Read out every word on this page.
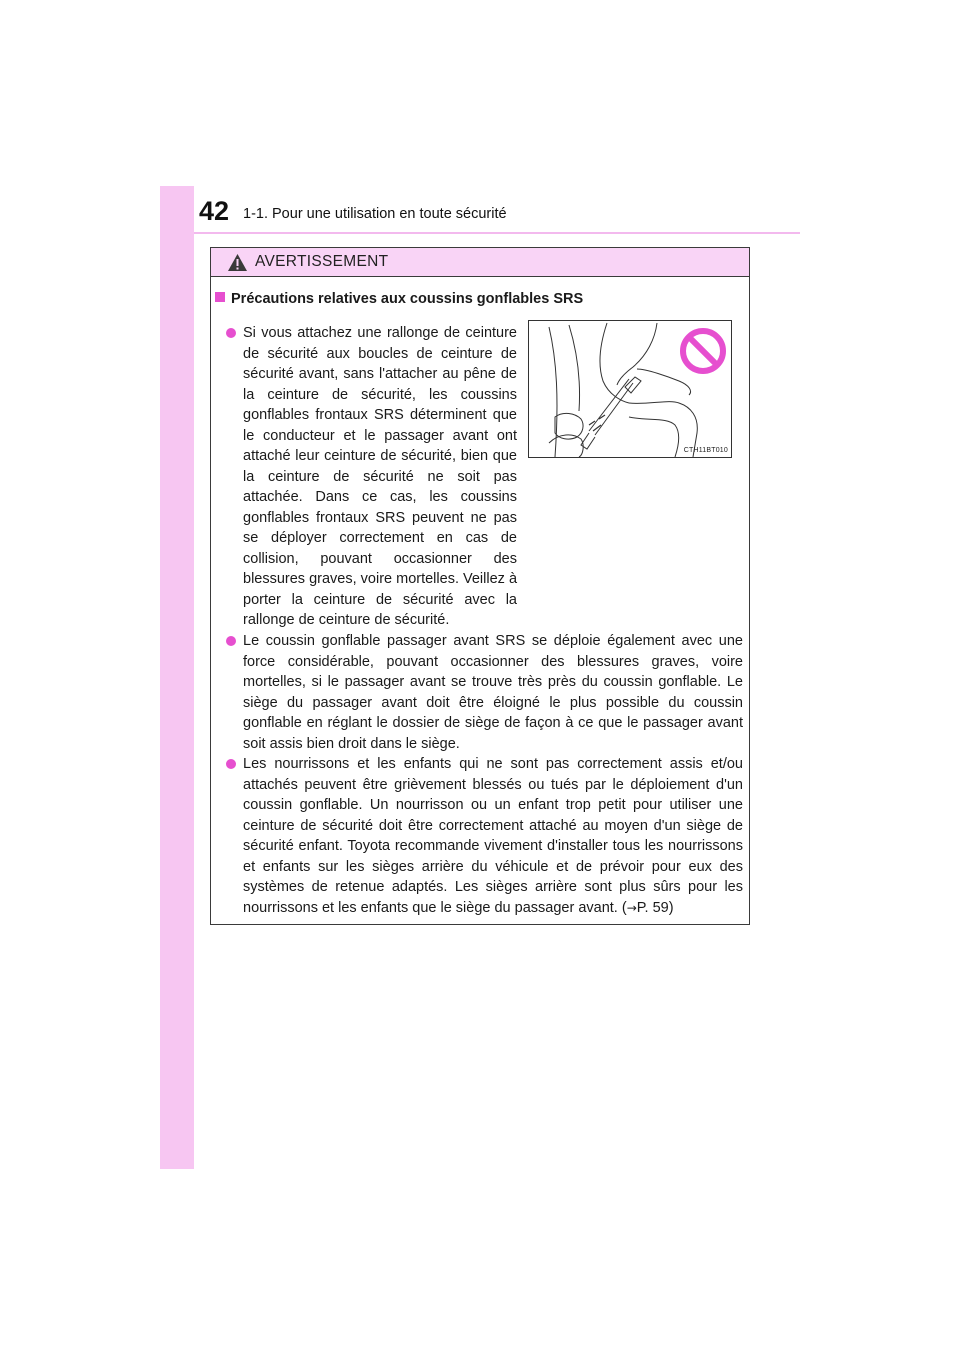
42 1-1. Pour une utilisation en toute sécurité
AVERTISSEMENT
Précautions relatives aux coussins gonflables SRS
Si vous attachez une rallonge de ceinture de sécurité aux boucles de ceinture de sécurité avant, sans l'attacher au pêne de la ceinture de sécurité, les coussins gonflables frontaux SRS déterminent que le conducteur et le passager avant ont attaché leur ceinture de sécurité, bien que la ceinture de sécurité ne soit pas attachée. Dans ce cas, les coussins gonflables frontaux SRS peuvent ne pas se déployer correctement en cas de collision, pouvant occasionner des blessures graves, voire mortelles. Veillez à porter la ceinture de sécurité avec la rallonge de ceinture de sécurité.
CTH11BT010
Le coussin gonflable passager avant SRS se déploie également avec une force considérable, pouvant occasionner des blessures graves, voire mortelles, si le passager avant se trouve très près du coussin gonflable. Le siège du passager avant doit être éloigné le plus possible du coussin gonflable en réglant le dossier de siège de façon à ce que le passager avant soit assis bien droit dans le siège.
Les nourrissons et les enfants qui ne sont pas correctement assis et/ou attachés peuvent être grièvement blessés ou tués par le déploiement d'un coussin gonflable. Un nourrisson ou un enfant trop petit pour utiliser une ceinture de sécurité doit être correctement attaché au moyen d'un siège de sécurité enfant. Toyota recommande vivement d'installer tous les nourrissons et enfants sur les sièges arrière du véhicule et de prévoir pour eux des systèmes de retenue adaptés. Les sièges arrière sont plus sûrs pour les nourrissons et les enfants que le siège du passager avant. (→P. 59)
